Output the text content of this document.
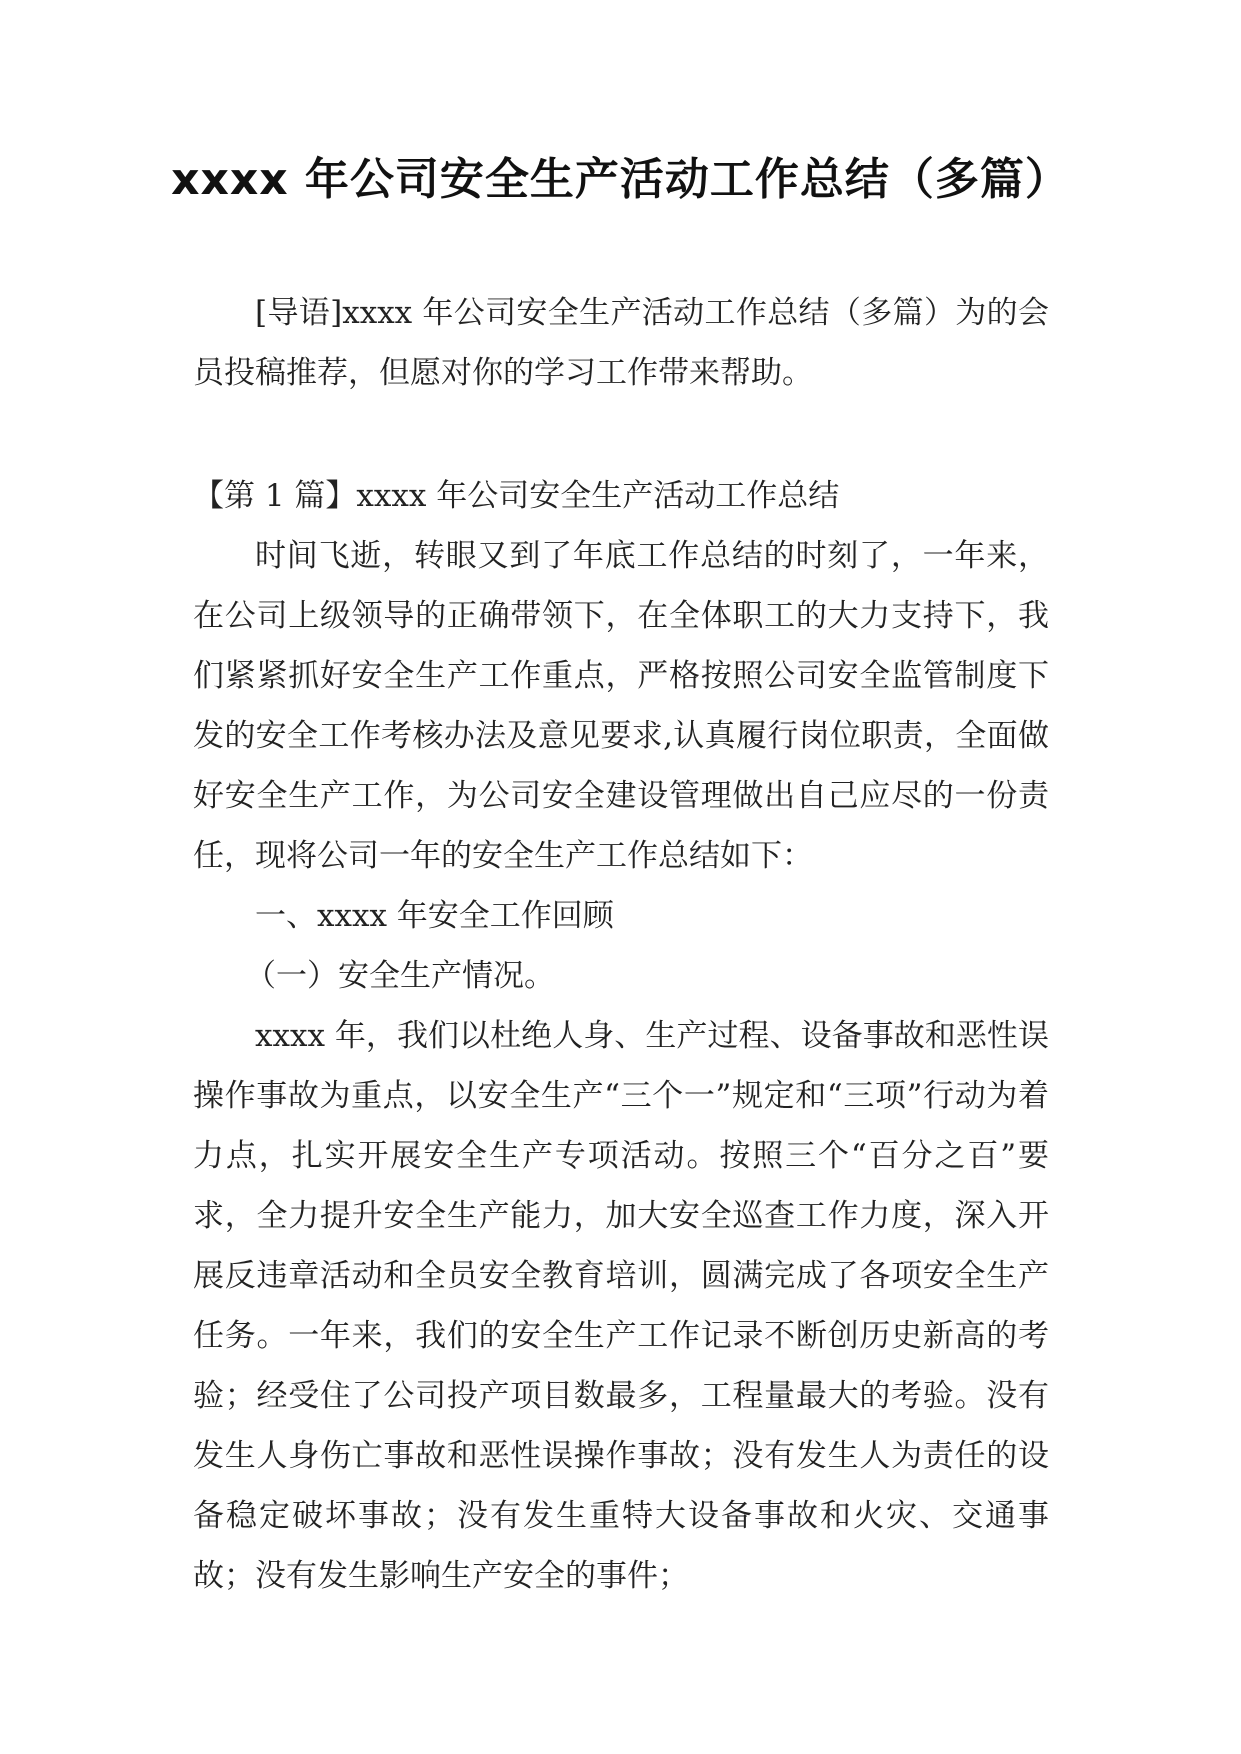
xxxx 年公司安全生产活动工作总结（多篇）

[导语]xxxx 年公司安全生产活动工作总结（多篇）为的会员投稿推荐，但愿对你的学习工作带来帮助。

【第 1 篇】xxxx 年公司安全生产活动工作总结

时间飞逝，转眼又到了年底工作总结的时刻了，一年来，在公司上级领导的正确带领下，在全体职工的大力支持下，我们紧紧抓好安全生产工作重点，严格按照公司安全监管制度下发的安全工作考核办法及意见要求,认真履行岗位职责，全面做好安全生产工作，为公司安全建设管理做出自己应尽的一份责任，现将公司一年的安全生产工作总结如下：

一、xxxx 年安全工作回顾

（一）安全生产情况。

xxxx 年，我们以杜绝人身、生产过程、设备事故和恶性误操作事故为重点，以安全生产“三个一”规定和“三项”行动为着力点，扎实开展安全生产专项活动。按照三个“百分之百”要求，全力提升安全生产能力，加大安全巡查工作力度，深入开展反违章活动和全员安全教育培训，圆满完成了各项安全生产任务。一年来，我们的安全生产工作记录不断创历史新高的考验；经受住了公司投产项目数最多，工程量最大的考验。没有发生人身伤亡事故和恶性误操作事故；没有发生人为责任的设备稳定破坏事故；没有发生重特大设备事故和火灾、交通事故；没有发生影响生产安全的事件；
